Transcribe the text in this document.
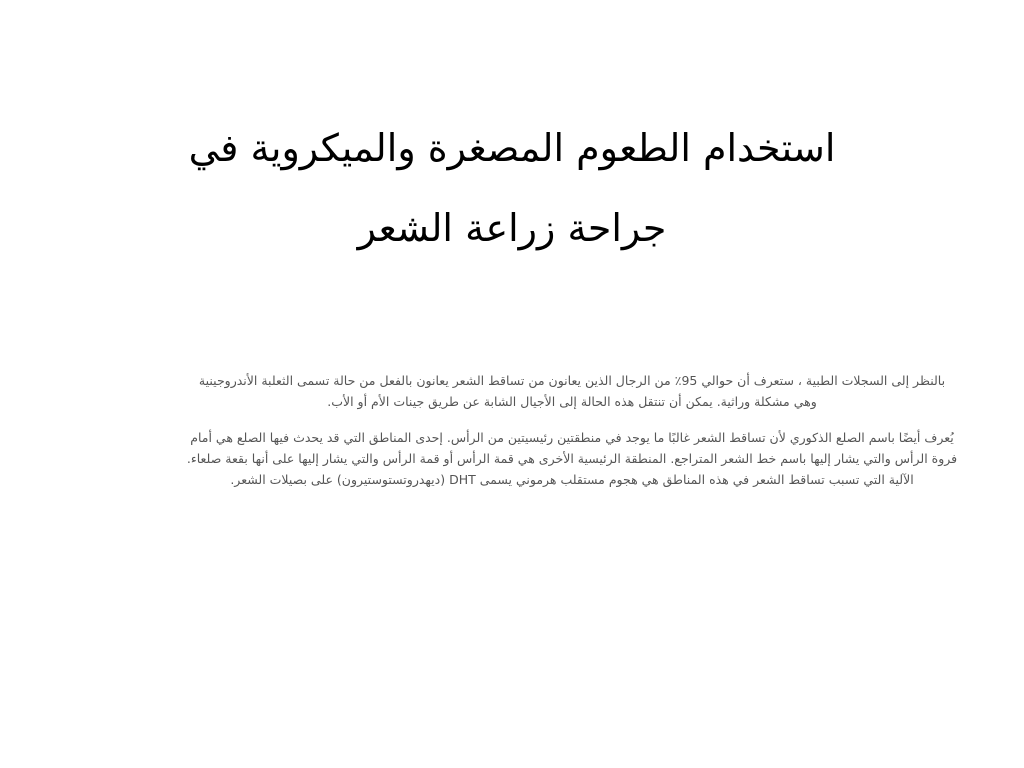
استخدام الطعوم المصغرة والميكروية في
جراحة زراعة الشعر
بالنظر إلى السجلات الطبية ، ستعرف أن حوالي 95٪ من الرجال الذين يعانون من تساقط الشعر يعانون بالفعل من حالة تسمى الثعلبة الأندروجينية
وهي مشكلة وراثية. يمكن أن تنتقل هذه الحالة إلى الأجيال الشابة عن طريق جينات الأم أو الأب.
يُعرف أيضًا باسم الصلع الذكوري لأن تساقط الشعر غالبًا ما يوجد في منطقتين رئيسيتين من الرأس. إحدى المناطق التي قد يحدث فيها الصلع هي أمام
فروة الرأس والتي يشار إليها باسم خط الشعر المتراجع. المنطقة الرئيسية الأخرى هي قمة الرأس أو قمة الرأس والتي يشار إليها على أنها بقعة صلعاء.
الآلية التي تسبب تساقط الشعر في هذه المناطق هي هجوم مستقلب هرموني يسمى DHT (ديهدروتستوستيرون) على بصيلات الشعر.
